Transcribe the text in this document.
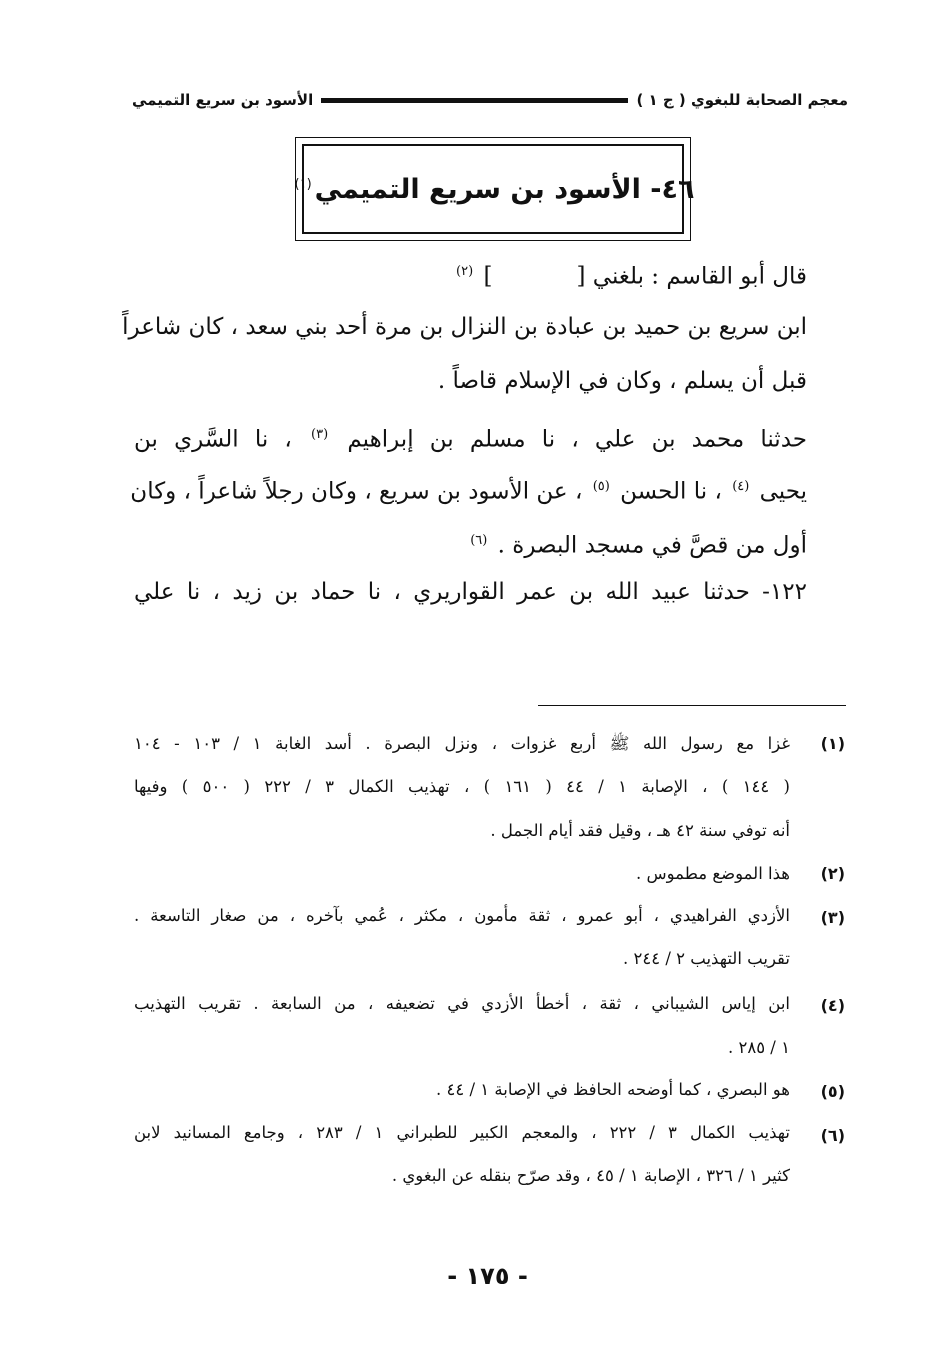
معجم الصحابة للبغوي ( ج ١ )
الأسود بن سريع التميمي
٤٦- الأسود بن سريع التميمي$^{(١)}$
قال أبو القاسم : بلغني [] $^{(٢)}$
ابن سريع بن حميد بن عبادة بن النزال بن مرة أحد بني سعد ، كان شاعراً
قبل أن يسلم ، وكان في الإسلام قاصاً .
حدثنا محمد بن علي ، نا مسلم بن إبراهيم $^{(٣)}$ ، نا السَّري بن
يحيى $^{(٤)}$ ، نا الحسن $^{(٥)}$ ، عن الأسود بن سريع ، وكان رجلاً شاعراً ، وكان
أول من قصَّ في مسجد البصرة . $^{(٦)}$
١٢٢- حدثنا عبيد الله بن عمر القواريري ، نا حماد بن زيد ، نا علي
(١)
غزا مع رسول الله ﷺ أربع غزوات ، ونزل البصرة . أسد الغابة ١ / ١٠٣ - ١٠٤
( ١٤٤ ) ، الإصابة ١ / ٤٤ ( ١٦١ ) ، تهذيب الكمال ٣ / ٢٢٢ ( ٥٠٠ ) وفيها
أنه توفي سنة ٤٢ هـ ، وقيل فقد أيام الجمل .
(٢)
هذا الموضع مطموس .
(٣)
الأزدي الفراهيدي ، أبو عمرو ، ثقة مأمون ، مكثر ، عُمي بآخره ، من صغار التاسعة .
تقريب التهذيب ٢ / ٢٤٤ .
(٤)
ابن إياس الشيباني ، ثقة ، أخطأ الأزدي في تضعيفه ، من السابعة . تقريب التهذيب
١ / ٢٨٥ .
(٥)
هو البصري ، كما أوضحه الحافظ في الإصابة ١ / ٤٤ .
(٦)
تهذيب الكمال ٣ / ٢٢٢ ، والمعجم الكبير للطبراني ١ / ٢٨٣ ، وجامع المسانيد لابن
كثير ١ / ٣٢٦ ، الإصابة ١ / ٤٥ ، وقد صرّح بنقله عن البغوي .
- ١٧٥ -
